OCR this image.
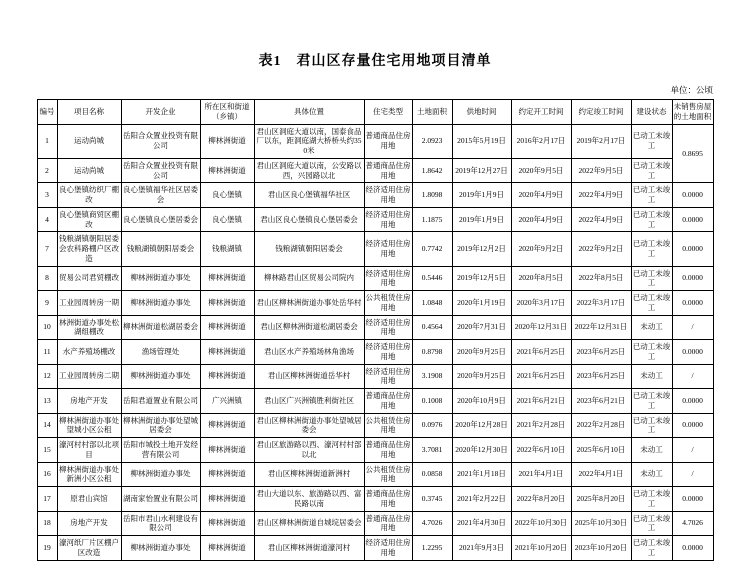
表1　君山区存量住宅用地项目清单
单位：公顷
编号	项目名称	开发企业	所在区和街道（乡镇）	具体位置	住宅类型	土地面积	供地时间	约定开工时间	约定竣工时间	建设状态	未销售房屋的土地面积
1	运动尚城	岳阳合众置业投资有限公司	柳林洲街道	君山区洞庭大道以南，国泰食品厂以东，距洞庭湖大桥桥头约350米	普通商品住房用地	2.0923	2015年5月19日	2016年2月17日	2019年2月17日	已动工未竣工	0.8695
2	运动尚城	岳阳合众置业投资有限公司	柳林洲街道	君山区洞庭大道以南，公安路以西，兴园路以北	普通商品住房用地	1.8642	2019年12月27日	2020年9月5日	2022年9月5日	已动工未竣工	
3	良心堡镇纺织厂棚改	良心堡镇福华社区居委会	良心堡镇	君山区良心堡镇福华社区	经济适用住房用地	1.8098	2019年1月9日	2020年4月9日	2022年4月9日	已动工未竣工	0.0000
4	良心堡镇商贸区棚改	良心堡镇良心堡居委会	良心堡镇	君山区良心堡镇良心堡居委会	经济适用住房用地	1.1875	2019年1月9日	2020年4月9日	2022年4月9日	已动工未竣工	0.0000
7	钱粮湖镇朝阳居委会农科路棚户区改造	钱粮湖镇朝阳居委会	钱粮湖镇	钱粮湖镇朝阳居委会	经济适用住房用地	0.7742	2019年12月2日	2020年9月2日	2022年9月2日	已动工未竣工	0.0000
8	贸易公司君贸棚改	柳林洲街道办事处	柳林洲街道	柳林路君山区贸易公司院内	经济适用住房用地	0.5446	2019年12月5日	2020年8月5日	2022年8月5日	已动工未竣工	0.0000
9	工业园周转房一期	柳林洲街道办事处	柳林洲街道	君山区柳林洲街道办事处岳华村	公共租赁住房用地	1.0848	2020年1月19日	2020年3月17日	2022年3月17日	已动工未竣工	0.0000
10	林洲街道办事处松湖组棚改	柳林洲街道松湖居委会	柳林洲街道	君山区柳林洲街道松湖居委会	经济适用住房用地	0.4564	2020年7月31日	2020年12月31日	2022年12月31日	未动工	/
11	水产养殖场棚改	渔场管理处	柳林洲街道	君山区水产养殖场林角渔场	经济适用住房用地	0.8798	2020年9月25日	2021年6月25日	2023年6月25日	已动工未竣工	0.0000
12	工业园周转房二期	柳林洲街道办事处	柳林洲街道	君山区柳林洲街道岳华村	经济适用住房用地	3.1908	2020年9月25日	2021年6月25日	2023年6月25日	未动工	/
13	房地产开发	岳阳君道置业有限公司	广兴洲镇	君山区广兴洲镇胜利街社区	普通商品住房用地	0.1008	2020年10月9日	2021年6月21日	2023年6月21日	已动工未竣工	0.0000
14	柳林洲街道办事处望城小区公租	柳林洲街道办事处望城居委会	柳林洲街道	君山区柳林洲街道办事处望城居委会	公共租赁住房用地	0.0976	2020年12月28日	2021年2月28日	2022年2月28日	已动工未竣工	0.0000
15	濠河村村部以北项目	岳阳市城投土地开发经营有限公司	柳林洲街道	君山区旅游路以西、濠河村村部以北	普通商品住房用地	3.7081	2020年12月30日	2022年6月10日	2025年6月10日	未动工	/
16	柳林洲街道办事处新洲小区公租	柳林洲街道办事处	柳林洲街道	君山区柳林洲街道新洲村	公共租赁住房用地	0.0858	2021年1月18日	2021年4月1日	2022年4月1日	未动工	/
17	原君山宾馆	湖南家怡置业有限公司	柳林洲街道	君山大道以东、旅游路以西、富民路以南	普通商品住房用地	0.3745	2021年2月22日	2022年8月20日	2025年8月20日	已动工未竣工	0.0000
18	房地产开发	岳阳市君山水利建设有限公司	柳林洲街道	君山区柳林洲街道自城垸居委会	普通商品住房用地	4.7026	2021年4月30日	2022年10月30日	2025年10月30日	已动工未竣工	4.7026
19	濠河纸厂片区棚户区改造	柳林洲街道办事处	柳林洲街道	君山区柳林洲街道濠河村	经济适用住房用地	1.2295	2021年9月3日	2021年10月20日	2023年10月20日	已动工未竣工	0.0000
